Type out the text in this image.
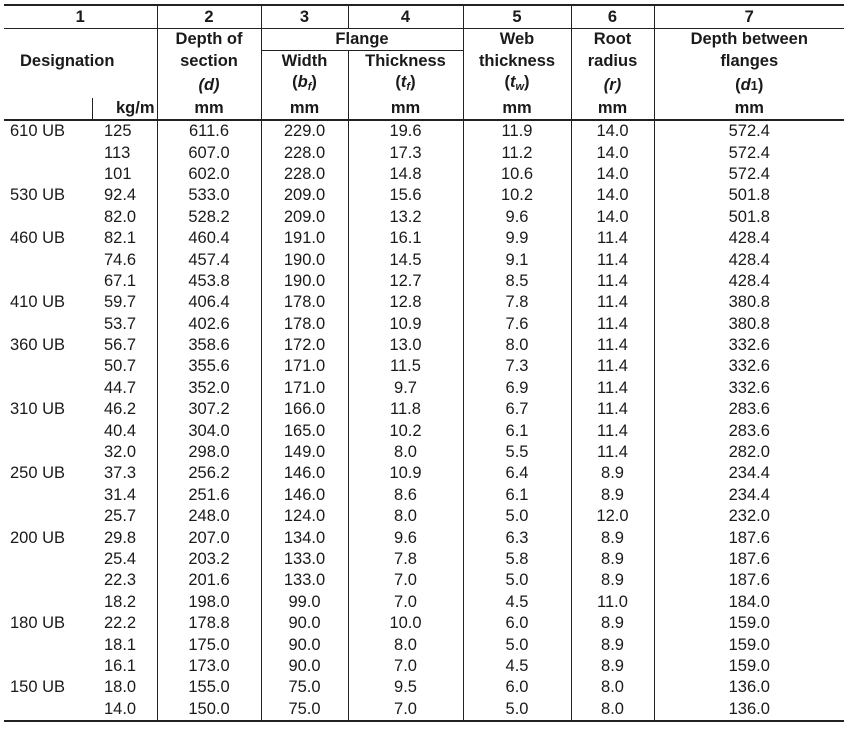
1		2	3	4	5	6	7
Designation		Depth of	Flange		Web	Root	Depth between
		section	Width	Thickness	thickness	radius	flanges
		(d)	$(b_f)$	$(t_f)$	$(t_w)$	(r)	(d1)
	kg/m	mm	mm	mm	mm	mm	mm
610 UB	125	611.6	229.0	19.6	11.9	14.0	572.4
	113	607.0	228.0	17.3	11.2	14.0	572.4
	101	602.0	228.0	14.8	10.6	14.0	572.4
530 UB	92.4	533.0	209.0	15.6	10.2	14.0	501.8
	82.0	528.2	209.0	13.2	9.6	14.0	501.8
460 UB	82.1	460.4	191.0	16.1	9.9	11.4	428.4
	74.6	457.4	190.0	14.5	9.1	11.4	428.4
	67.1	453.8	190.0	12.7	8.5	11.4	428.4
410 UB	59.7	406.4	178.0	12.8	7.8	11.4	380.8
	53.7	402.6	178.0	10.9	7.6	11.4	380.8
360 UB	56.7	358.6	172.0	13.0	8.0	11.4	332.6
	50.7	355.6	171.0	11.5	7.3	11.4	332.6
	44.7	352.0	171.0	9.7	6.9	11.4	332.6
310 UB	46.2	307.2	166.0	11.8	6.7	11.4	283.6
	40.4	304.0	165.0	10.2	6.1	11.4	283.6
	32.0	298.0	149.0	8.0	5.5	11.4	282.0
250 UB	37.3	256.2	146.0	10.9	6.4	8.9	234.4
	31.4	251.6	146.0	8.6	6.1	8.9	234.4
	25.7	248.0	124.0	8.0	5.0	12.0	232.0
200 UB	29.8	207.0	134.0	9.6	6.3	8.9	187.6
	25.4	203.2	133.0	7.8	5.8	8.9	187.6
	22.3	201.6	133.0	7.0	5.0	8.9	187.6
	18.2	198.0	99.0	7.0	4.5	11.0	184.0
180 UB	22.2	178.8	90.0	10.0	6.0	8.9	159.0
	18.1	175.0	90.0	8.0	5.0	8.9	159.0
	16.1	173.0	90.0	7.0	4.5	8.9	159.0
150 UB	18.0	155.0	75.0	9.5	6.0	8.0	136.0
	14.0	150.0	75.0	7.0	5.0	8.0	136.0
